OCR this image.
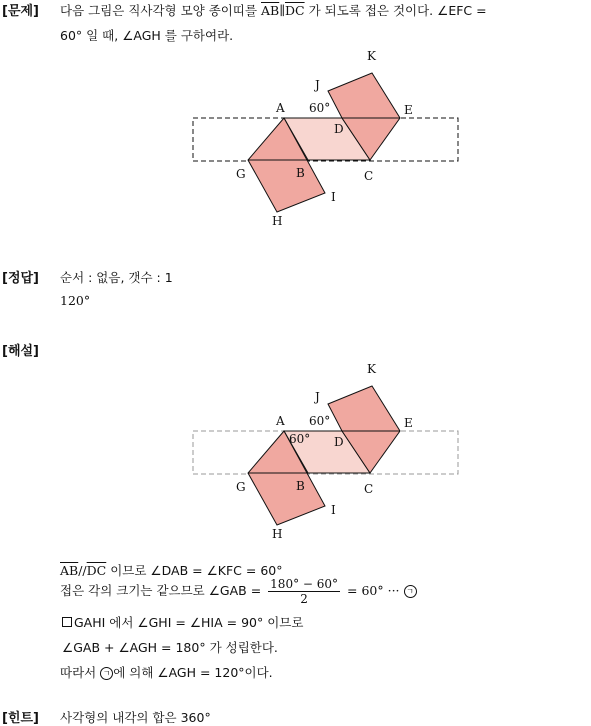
[문제] 다음 그림은 직사각형 모양 종이띠를 $\overline{AB}\parallel\overline{DC}$ 가 되도록 접은 것이다. ∠EFC =
60° 일 때, ∠AGH 를 구하여라.
K
J
A 60°	E
D
G	B	C
I
H
[정답] 순서 : 없음, 갯수 : 1
120°
[해설]
K
J
A 60°
60°
E
D
G	B	C
I
H
$\overline{AB}//\overline{DC}$ 이므로 ∠DAB = ∠KFC = 60°
접은 각의 크기는 같으므로 ∠GAB = $\frac{180^\circ - 60^\circ}{2} = 60^\circ$ ··· ㄱ
GAHI 에서 ∠GHI = ∠HIA = 90° 이므로
∠GAB + ∠AGH = 180° 가 성립한다.
따라서 ㄱ 에 의해 ∠AGH = 120°이다.
[힌트] 사각형의 내각의 합은 360°
